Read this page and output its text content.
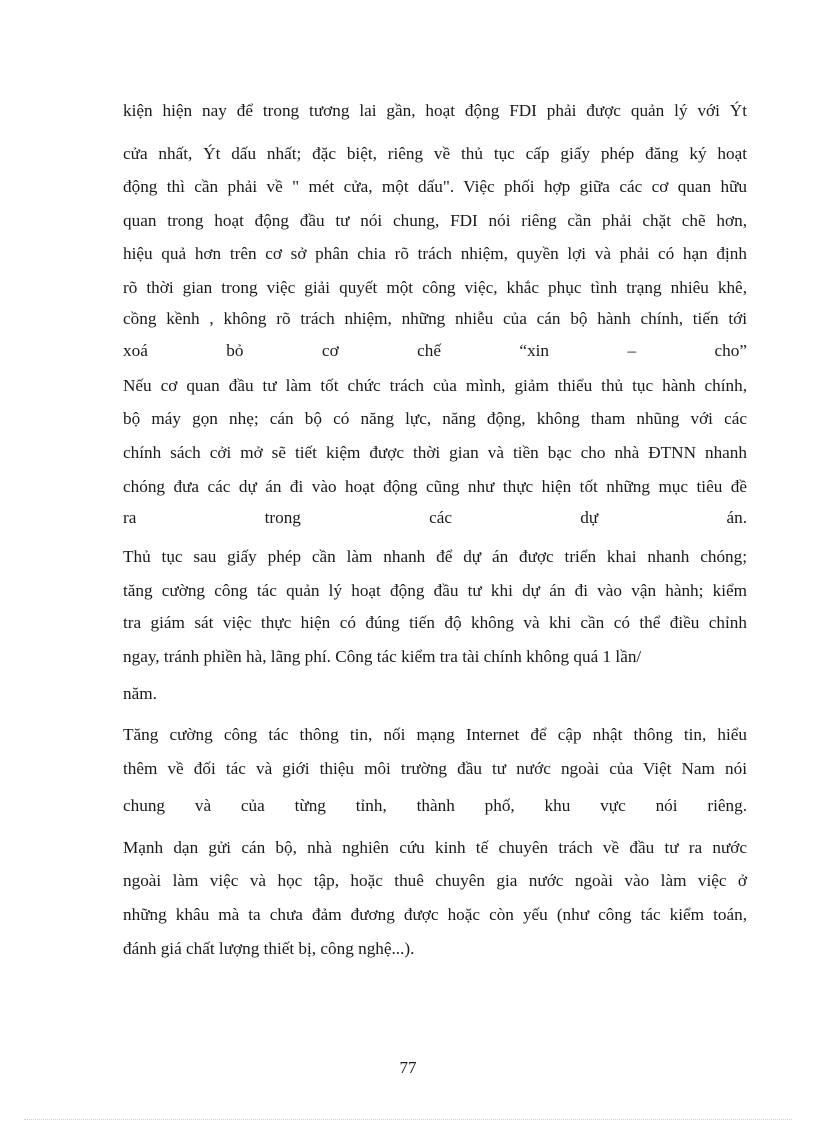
kiện hiện nay để trong tương lai gần, hoạt động FDI phải được quản lý với Ýt
cửa nhất, Ýt dấu nhất; đặc biệt, riêng về thủ tục cấp giấy phép đăng ký hoạt
động thì cần phải về " mét cửa, một dấu". Việc phối hợp giữa các cơ quan hữu
quan trong hoạt động đầu tư nói chung, FDI nói riêng cần phải chặt chẽ hơn,
hiệu quả hơn trên cơ sở phân chia rõ trách nhiệm, quyền lợi và phải có hạn định
rõ thời gian trong việc giải quyết một công việc, khắc phục tình trạng nhiêu khê,
cồng kềnh , không rõ trách nhiệm, những nhiễu của cán bộ hành chính, tiến tới
xoá bỏ cơ chế “xin – cho”
Nếu cơ quan đầu tư làm tốt chức trách của mình, giảm thiểu thủ tục hành chính,
bộ máy gọn nhẹ; cán bộ có năng lực, năng động, không tham nhũng với các
chính sách cởi mở sẽ tiết kiệm được thời gian và tiền bạc cho nhà ĐTNN nhanh
chóng đưa các dự án đi vào hoạt động cũng như thực hiện tốt những mục tiêu đề
ra trong các dự án.
Thủ tục sau giấy phép cần làm nhanh để dự án được triển khai nhanh chóng;
tăng cường công tác quản lý hoạt động đầu tư khi dự án đi vào vận hành; kiểm
tra giám sát việc thực hiện có đúng tiến độ không và khi cần có thể điều chỉnh
ngay, tránh phiền hà, lãng phí. Công tác kiểm tra tài chính không quá 1 lần/
năm.
Tăng cường công tác thông tin, nối mạng Internet để cập nhật thông tin, hiểu
thêm về đối tác và giới thiệu môi trường đầu tư nước ngoài của Việt Nam nói
chung và của từng tỉnh, thành phố, khu vực nói riêng.
Mạnh dạn gửi cán bộ, nhà nghiên cứu kinh tế chuyên trách về đầu tư ra nước
ngoài làm việc và học tập, hoặc thuê chuyên gia nước ngoài vào làm việc ở
những khâu mà ta chưa đảm đương được hoặc còn yếu (như công tác kiểm toán,
đánh giá chất lượng thiết bị, công nghệ...).
77
